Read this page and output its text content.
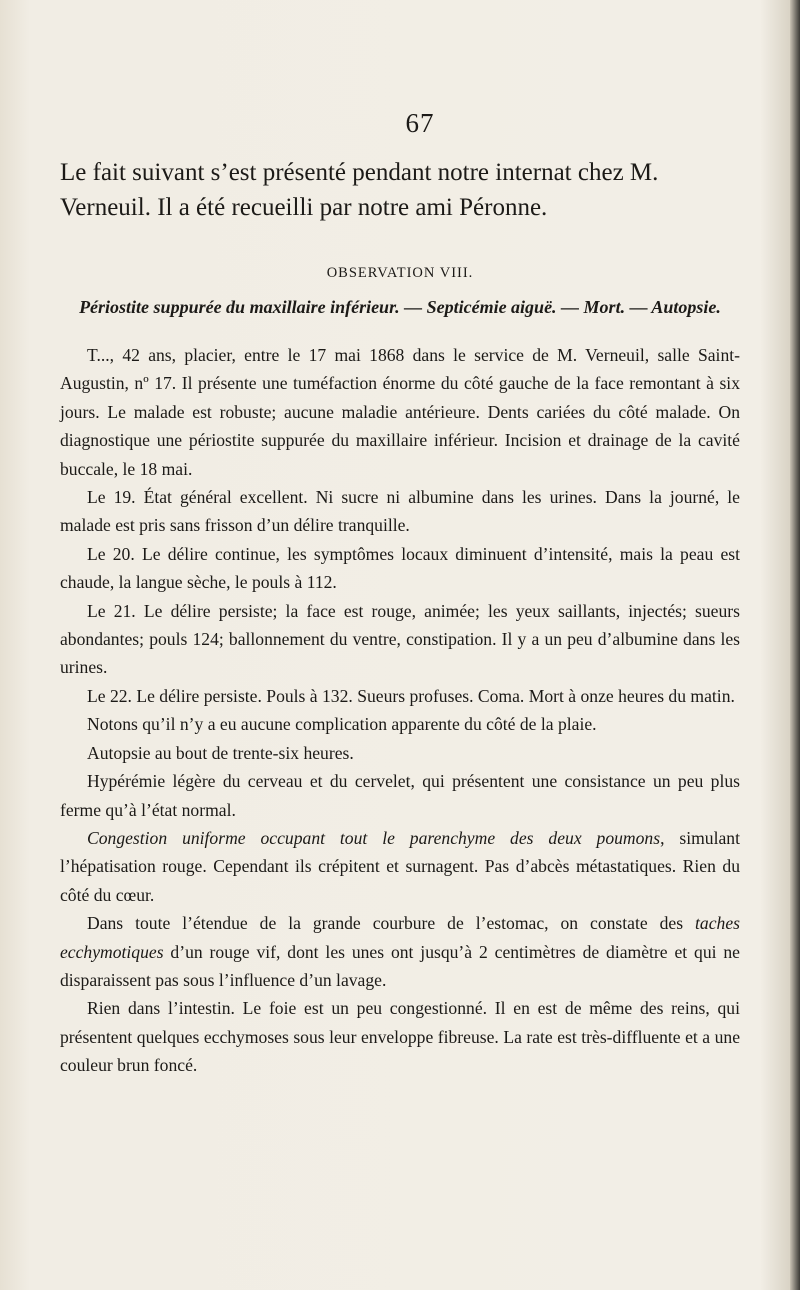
67

Le fait suivant s’est présenté pendant notre internat chez M. Verneuil. Il a été recueilli par notre ami Péronne.

OBSERVATION VIII.
Périostite suppurée du maxillaire inférieur. — Septicémie aiguë. — Mort. — Autopsie.

T..., 42 ans, placier, entre le 17 mai 1868 dans le service de M. Verneuil, salle Saint-Augustin, nº 17. Il présente une tuméfaction énorme du côté gauche de la face remontant à six jours. Le malade est robuste; aucune maladie antérieure. Dents cariées du côté malade. On diagnostique une périostite suppurée du maxillaire inférieur. Incision et drainage de la cavité buccale, le 18 mai.

Le 19. État général excellent. Ni sucre ni albumine dans les urines. Dans la journé, le malade est pris sans frisson d’un délire tranquille.

Le 20. Le délire continue, les symptômes locaux diminuent d’intensité, mais la peau est chaude, la langue sèche, le pouls à 112.

Le 21. Le délire persiste; la face est rouge, animée; les yeux saillants, injectés; sueurs abondantes; pouls 124; ballonnement du ventre, constipation. Il y a un peu d’albumine dans les urines.

Le 22. Le délire persiste. Pouls à 132. Sueurs profuses. Coma. Mort à onze heures du matin.

Notons qu’il n’y a eu aucune complication apparente du côté de la plaie.

Autopsie au bout de trente-six heures.

Hypérémie légère du cerveau et du cervelet, qui présentent une consistance un peu plus ferme qu’à l’état normal.

Congestion uniforme occupant tout le parenchyme des deux poumons, simulant l’hépatisation rouge. Cependant ils crépitent et surnagent. Pas d’abcès métastatiques. Rien du côté du cœur.

Dans toute l’étendue de la grande courbure de l’estomac, on constate des taches ecchymotiques d’un rouge vif, dont les unes ont jusqu’à 2 centimètres de diamètre et qui ne disparaissent pas sous l’influence d’un lavage.

Rien dans l’intestin. Le foie est un peu congestionné. Il en est de même des reins, qui présentent quelques ecchymoses sous leur enveloppe fibreuse. La rate est très-diffluente et a une couleur brun foncé.
